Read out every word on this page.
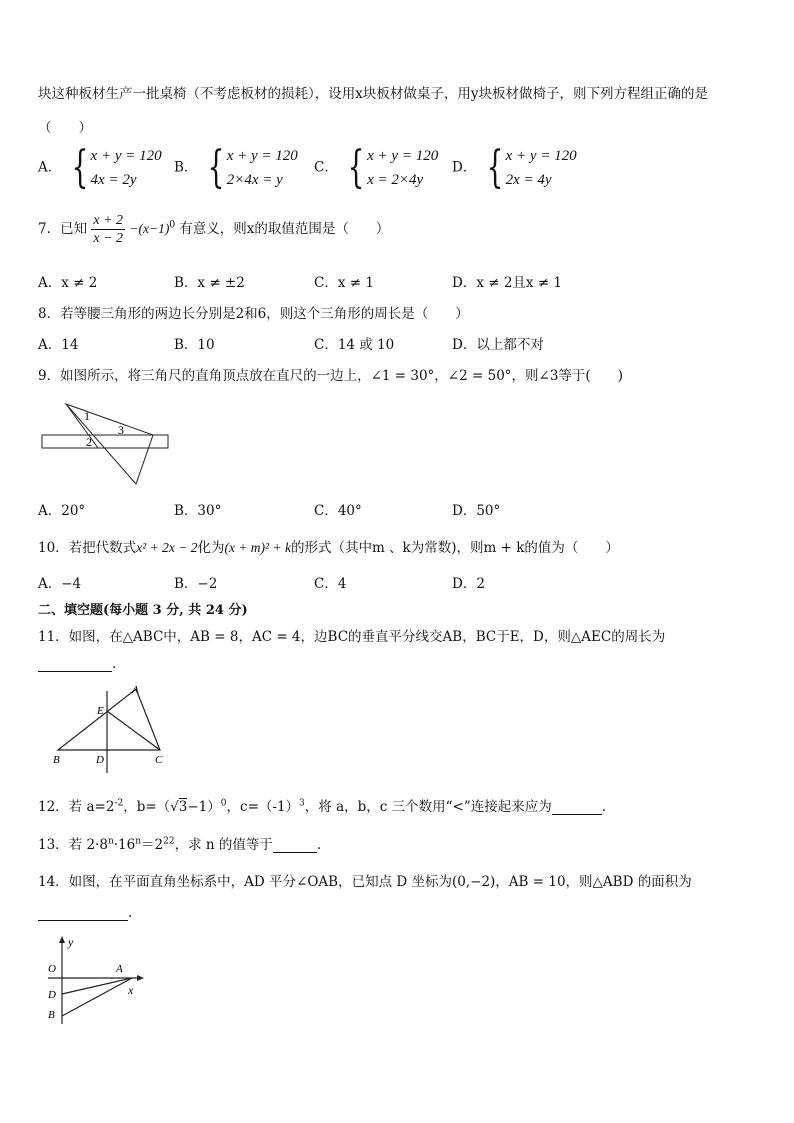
块这种板材生产一批桌椅（不考虑板材的损耗），设用x块板材做桌子，用y块板材做椅子，则下列方程组正确的是
（　　）
A． { x + y = 120
4x = 2y
B． { x + y = 120
2×4x = y
C． { x + y = 120
x = 2×4y
D． { x + y = 120
2x = 4y
7．已知 $\frac{x + 2}{x - 2} -(x-1)^0$ 有意义，则x的取值范围是（　　）
A．x ≠ 2	B．x ≠ ±2	C．x ≠ 1	D．x ≠ 2且x ≠ 1
8．若等腰三角形的两边长分别是2和6，则这个三角形的周长是（　　）
A．14	B．10	C．14 或 10	D．以上都不对
9．如图所示，将三角尺的直角顶点放在直尺的一边上，∠1 = 30°，∠2 = 50°，则∠3等于(　　)
1
2
3
A．20°	B．30°	C．40°	D．50°
10．若把代数式x² + 2x − 2化为(x + m)² + k的形式（其中m 、k为常数)，则m + k的值为（　　）
A．−4	B．−2	C．4	D．2
二、填空题(每小题 3 分, 共 24 分)
11．如图，在△ABC中，AB = 8，AC = 4，边BC的垂直平分线交AB，BC于E，D，则△AEC的周长为
.
A
E
B	D	C
12．若 $a=2^{-2}$，$b=(√3-1)^0$，$c=(-1)^3$，将 a，b，c 三个数用“<”连接起来应为	.
13．若 $2\cdot 8^n\cdot 16^n=2^{22}$，求 n 的值等于	.
14．如图，在平面直角坐标系中，AD 平分∠OAB，已知点 D 坐标为(0,−2)，AB = 10，则△ABD 的面积为
.
y
O	A
x
D
B
